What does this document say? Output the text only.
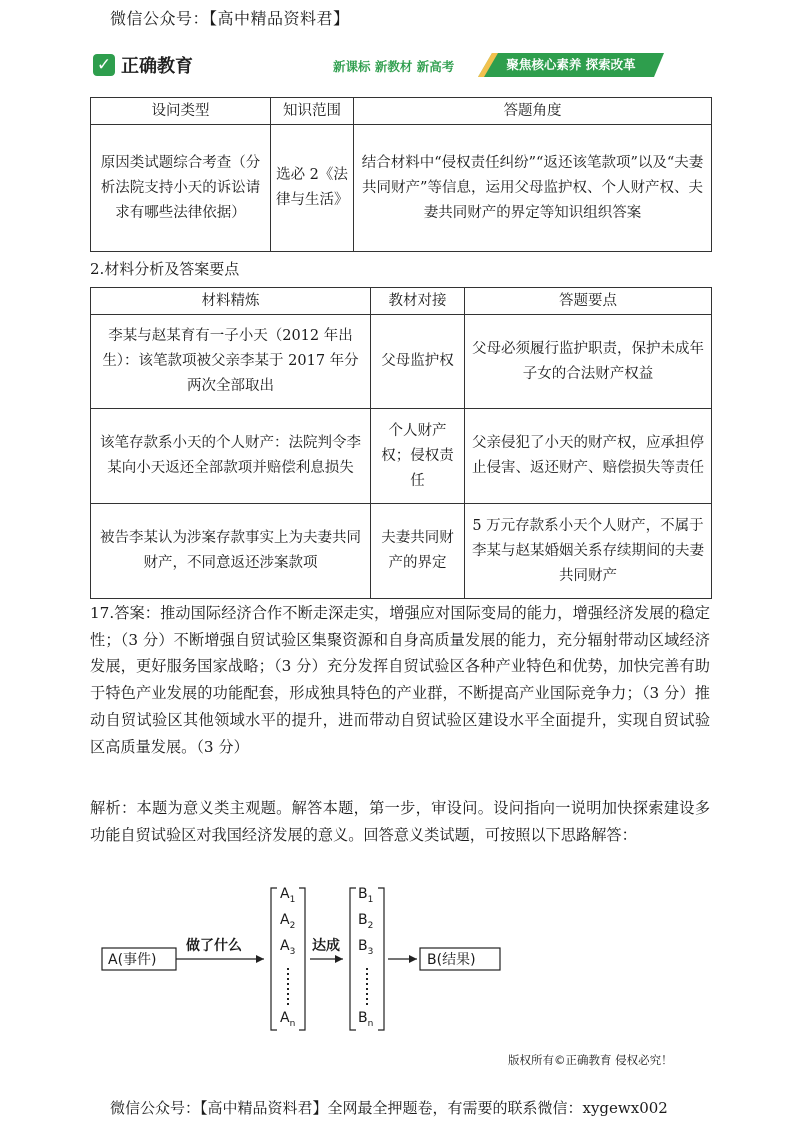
微信公众号：【高中精品资料君】
✓ 正确教育	新课标 新教材 新高考	聚焦核心素养 探索改革
设问类型	知识范围	答题角度
原因类试题综合考查（分析法院支持小天的诉讼请求有哪些法律依据）	选必 2《法律与生活》	结合材料中“侵权责任纠纷”“返还该笔款项”以及“夫妻共同财产”等信息，运用父母监护权、个人财产权、夫妻共同财产的界定等知识组织答案
2.材料分析及答案要点
材料精炼	教材对接	答题要点
李某与赵某育有一子小天（2012 年出生）：该笔款项被父亲李某于 2017 年分两次全部取出	父母监护权	父母必须履行监护职责，保护未成年子女的合法财产权益
该笔存款系小天的个人财产：法院判令李某向小天返还全部款项并赔偿利息损失	个人财产权；侵权责任	父亲侵犯了小天的财产权，应承担停止侵害、返还财产、赔偿损失等责任
被告李某认为涉案存款事实上为夫妻共同财产，不同意返还涉案款项	夫妻共同财产的界定	5 万元存款系小天个人财产，不属于李某与赵某婚姻关系存续期间的夫妻共同财产
17.答案：推动国际经济合作不断走深走实，增强应对国际变局的能力，增强经济发展的稳定性；（3 分）不断增强自贸试验区集聚资源和自身高质量发展的能力，充分辐射带动区域经济发展，更好服务国家战略；（3 分）充分发挥自贸试验区各种产业特色和优势，加快完善有助于特色产业发展的功能配套，形成独具特色的产业群，不断提高产业国际竞争力；（3 分）推动自贸试验区其他领域水平的提升，进而带动自贸试验区建设水平全面提升，实现自贸试验区高质量发展。（3 分）
解析：本题为意义类主观题。解答本题，第一步，审设问。设问指向一说明加快探索建设多功能自贸试验区对我国经济发展的意义。回答意义类试题，可按照以下思路解答：
A(事件)
做了什么
$A_1$
$A_2$
$A_3$
$A_n$
达成
$B_1$
$B_2$
$B_3$
$B_n$
B(结果)
版权所有©正确教育 侵权必究！
微信公众号：【高中精品资料君】全网最全押题卷，有需要的联系微信：xygewx002
